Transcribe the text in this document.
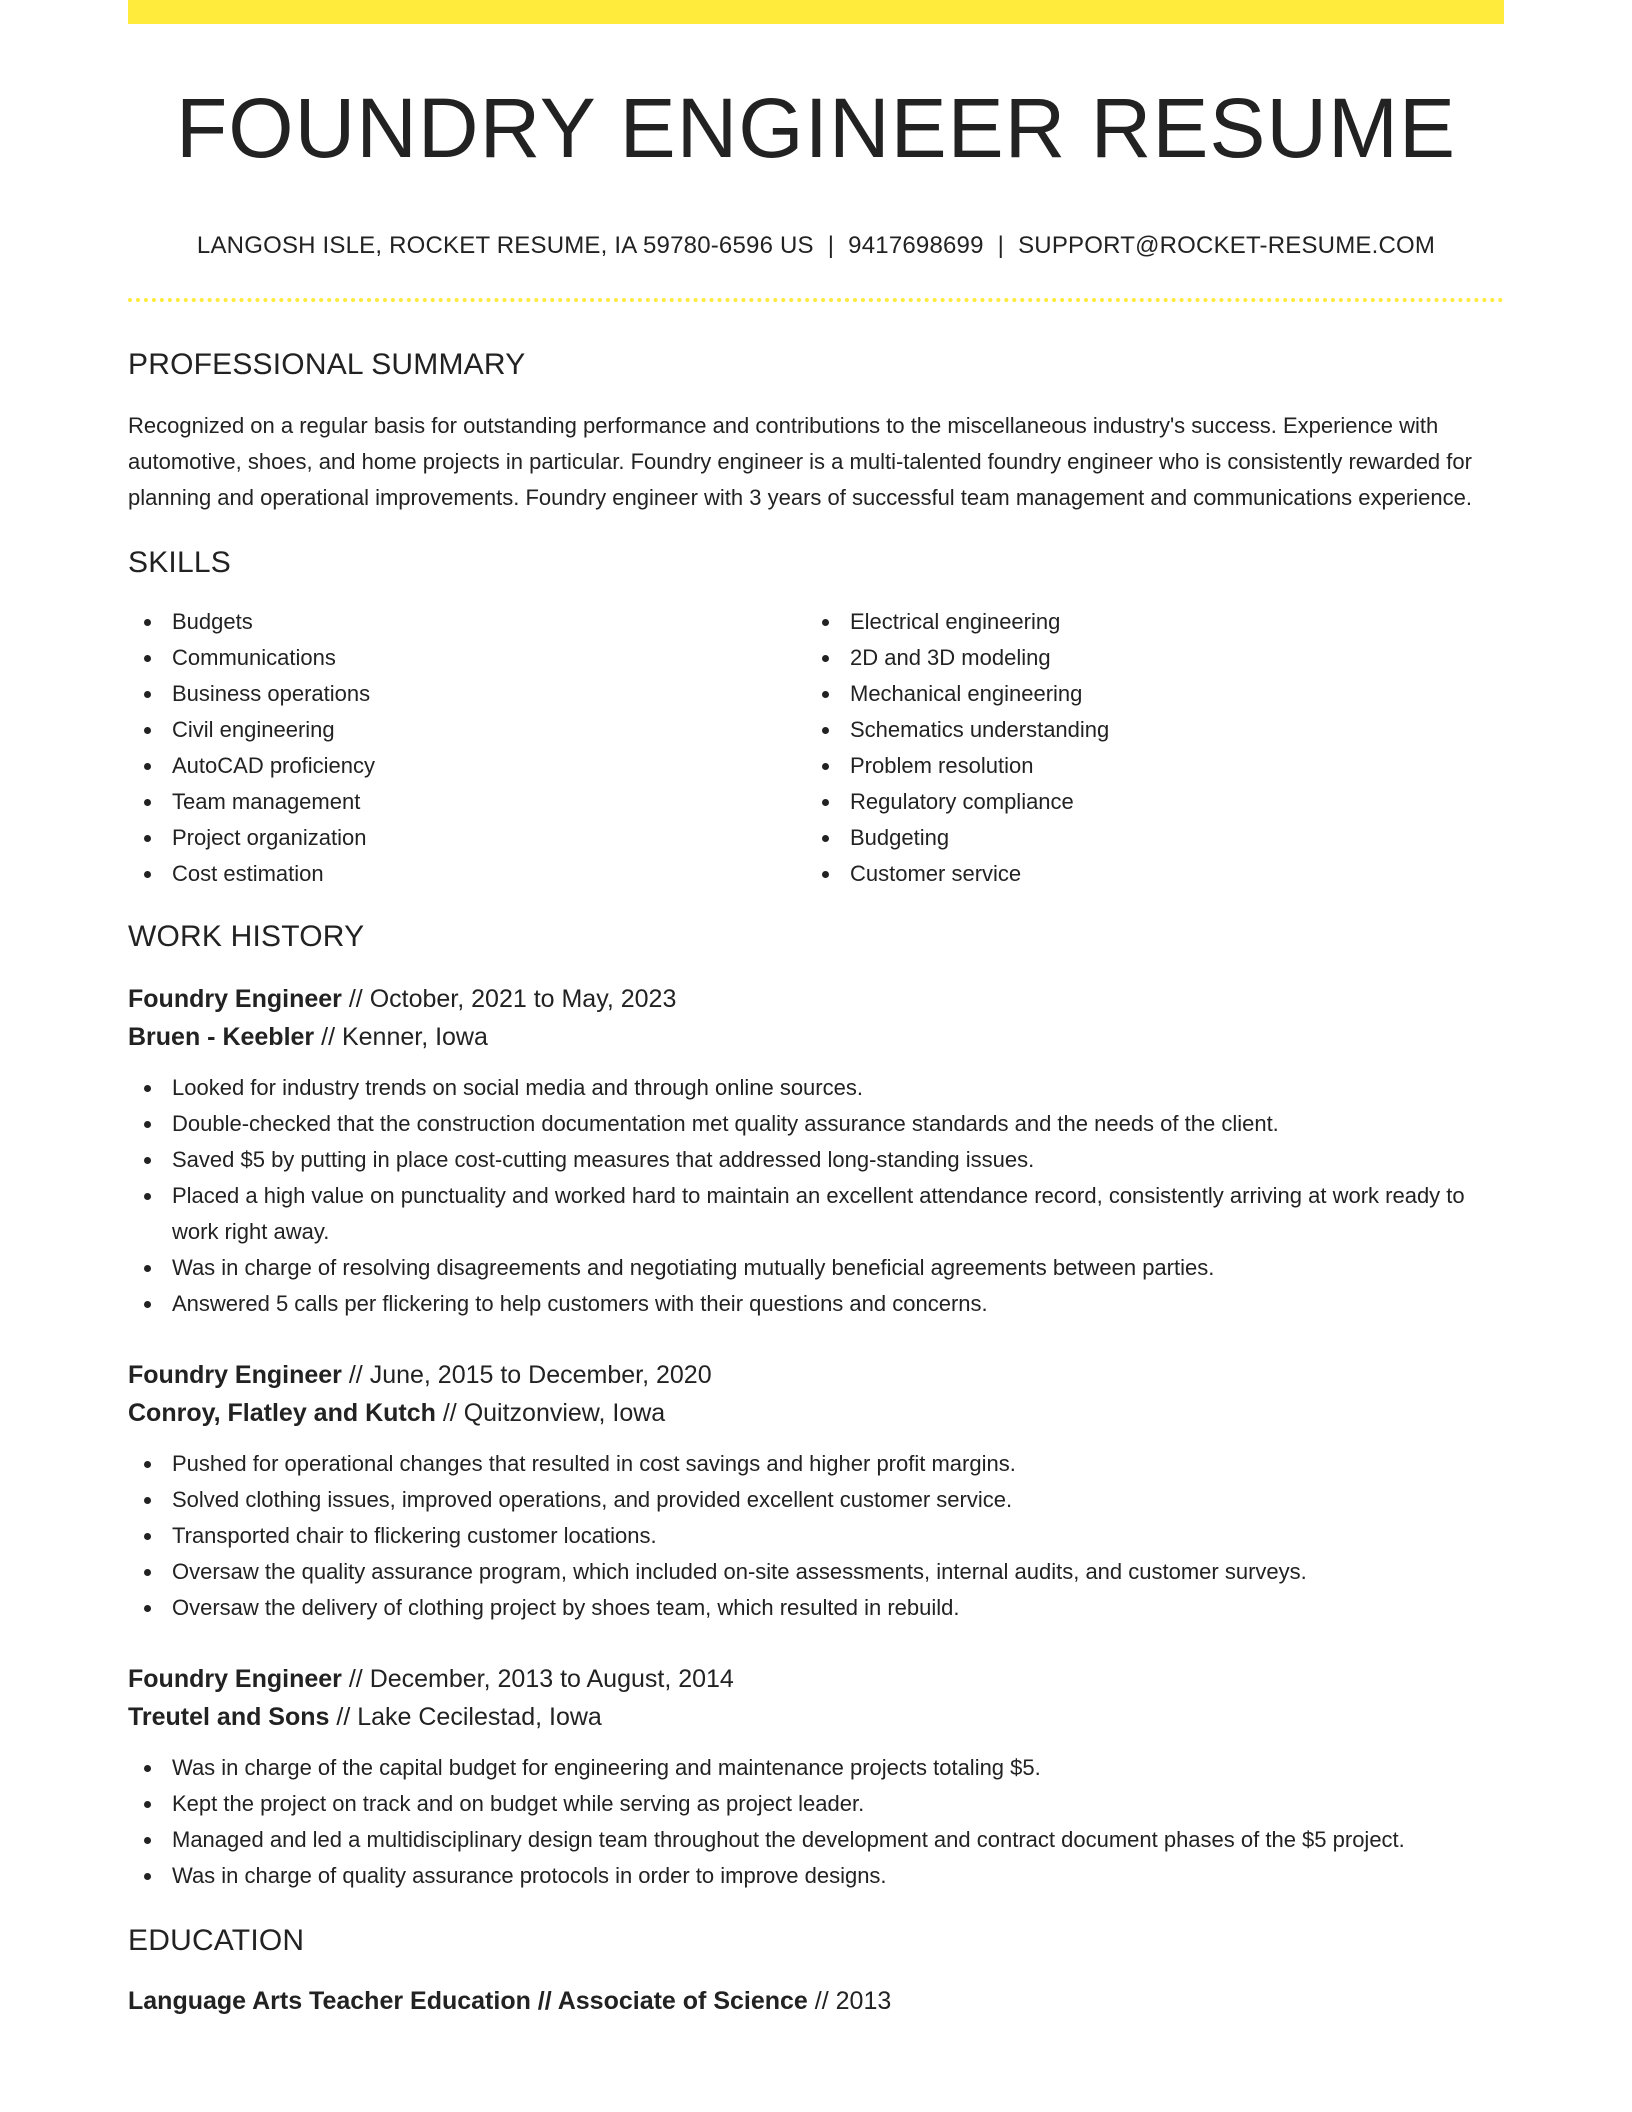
FOUNDRY ENGINEER RESUME
LANGOSH ISLE, ROCKET RESUME, IA 59780-6596 US | 9417698699 | SUPPORT@ROCKET-RESUME.COM
PROFESSIONAL SUMMARY

Recognized on a regular basis for outstanding performance and contributions to the miscellaneous industry's success. Experience with automotive, shoes, and home projects in particular. Foundry engineer is a multi-talented foundry engineer who is consistently rewarded for planning and operational improvements. Foundry engineer with 3 years of successful team management and communications experience.

SKILLS
Budgets
Communications
Business operations
Civil engineering
AutoCAD proficiency
Team management
Project organization
Cost estimation
Electrical engineering
2D and 3D modeling
Mechanical engineering
Schematics understanding
Problem resolution
Regulatory compliance
Budgeting
Customer service
WORK HISTORY
Foundry Engineer // October, 2021 to May, 2023
Bruen - Keebler // Kenner, Iowa
Looked for industry trends on social media and through online sources.
Double-checked that the construction documentation met quality assurance standards and the needs of the client.
Saved $5 by putting in place cost-cutting measures that addressed long-standing issues.
Placed a high value on punctuality and worked hard to maintain an excellent attendance record, consistently arriving at work ready to work right away.
Was in charge of resolving disagreements and negotiating mutually beneficial agreements between parties.
Answered 5 calls per flickering to help customers with their questions and concerns.
Foundry Engineer // June, 2015 to December, 2020
Conroy, Flatley and Kutch // Quitzonview, Iowa
Pushed for operational changes that resulted in cost savings and higher profit margins.
Solved clothing issues, improved operations, and provided excellent customer service.
Transported chair to flickering customer locations.
Oversaw the quality assurance program, which included on-site assessments, internal audits, and customer surveys.
Oversaw the delivery of clothing project by shoes team, which resulted in rebuild.
Foundry Engineer // December, 2013 to August, 2014
Treutel and Sons // Lake Cecilestad, Iowa
Was in charge of the capital budget for engineering and maintenance projects totaling $5.
Kept the project on track and on budget while serving as project leader.
Managed and led a multidisciplinary design team throughout the development and contract document phases of the $5 project.
Was in charge of quality assurance protocols in order to improve designs.
EDUCATION
Language Arts Teacher Education // Associate of Science // 2013
